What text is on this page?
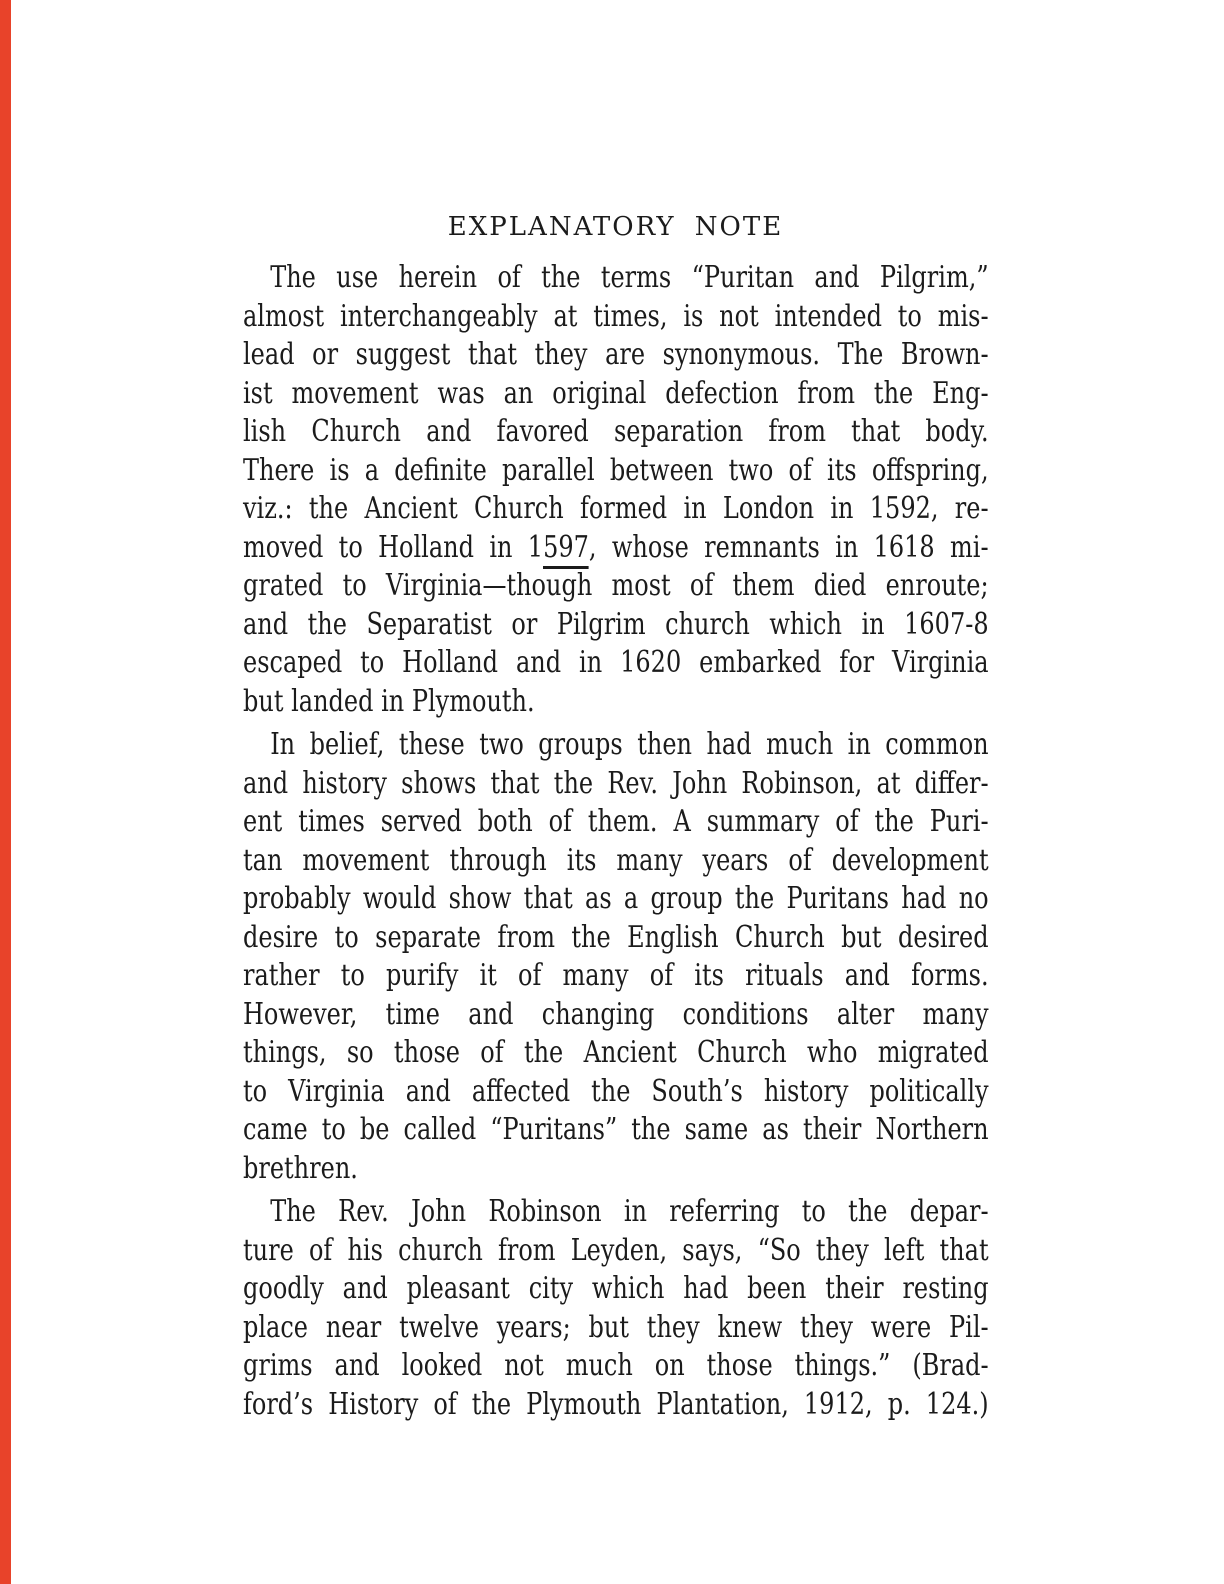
EXPLANATORY NOTE
The use herein of the terms “Puritan and Pilgrim,”
almost interchangeably at times, is not intended to mis-
lead or suggest that they are synonymous. The Brown-
ist movement was an original defection from the Eng-
lish Church and favored separation from that body.
There is a definite parallel between two of its offspring,
viz.: the Ancient Church formed in London in 1592, re-
moved to Holland in 1597, whose remnants in 1618 mi-
grated to Virginia—though most of them died enroute;
and the Separatist or Pilgrim church which in 1607-8
escaped to Holland and in 1620 embarked for Virginia
but landed in Plymouth.
In belief, these two groups then had much in common
and history shows that the Rev. John Robinson, at differ-
ent times served both of them. A summary of the Puri-
tan movement through its many years of development
probably would show that as a group the Puritans had no
desire to separate from the English Church but desired
rather to purify it of many of its rituals and forms.
However, time and changing conditions alter many
things, so those of the Ancient Church who migrated
to Virginia and affected the South’s history politically
came to be called “Puritans” the same as their Northern
brethren.
The Rev. John Robinson in referring to the depar-
ture of his church from Leyden, says, “So they left that
goodly and pleasant city which had been their resting
place near twelve years; but they knew they were Pil-
grims and looked not much on those things.” (Brad-
ford’s History of the Plymouth Plantation, 1912, p. 124.)
